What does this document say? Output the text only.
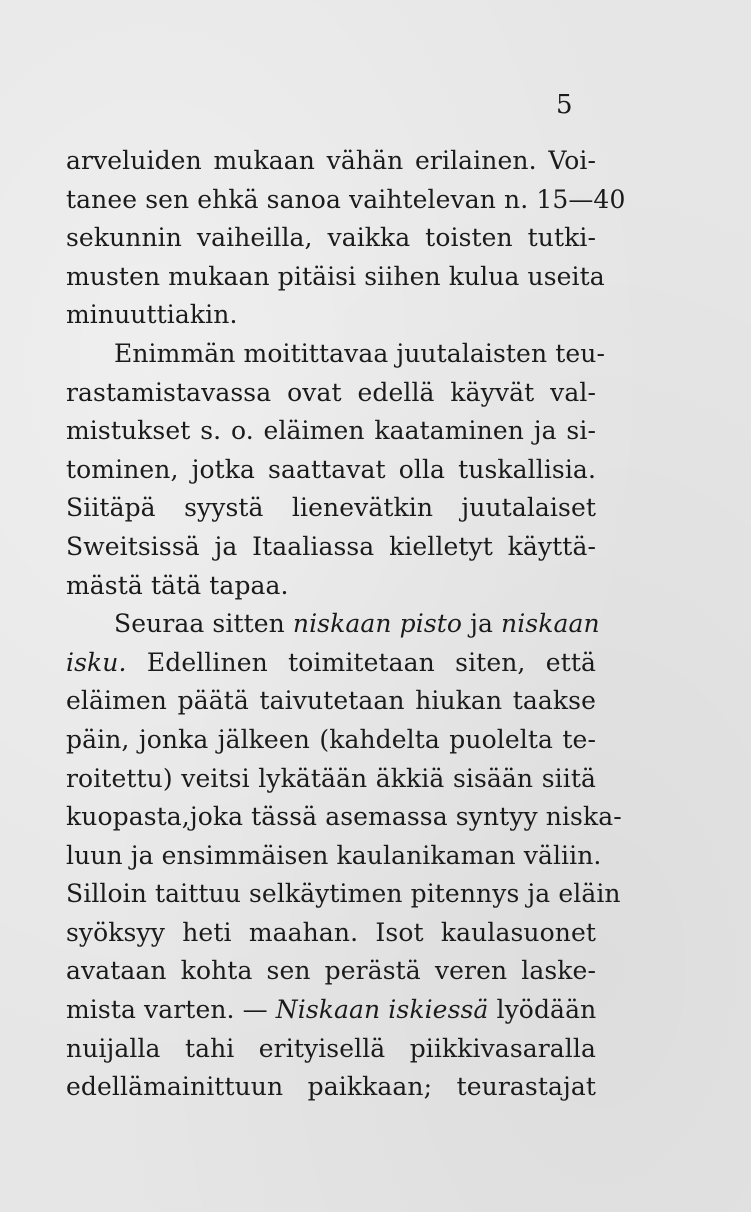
5
arveluiden mukaan vähän erilainen. Voi-
tanee sen ehkä sanoa vaihtelevan n. 15—40
sekunnin vaiheilla, vaikka toisten tutki-
musten mukaan pitäisi siihen kulua useita
minuuttiakin.
Enimmän moitittavaa juutalaisten teu-
rastamistavassa ovat edellä käyvät val-
mistukset s. o. eläimen kaataminen ja si-
tominen, jotka saattavat olla tuskallisia.
Siitäpä syystä lienevätkin juutalaiset
Sweitsissä ja Itaaliassa kielletyt käyttä-
mästä tätä tapaa.
Seuraa sitten niskaan pisto ja niskaan
isku. Edellinen toimitetaan siten, että
eläimen päätä taivutetaan hiukan taakse
päin, jonka jälkeen (kahdelta puolelta te-
roitettu) veitsi lykätään äkkiä sisään siitä
kuopasta,joka tässä asemassa syntyy niska-
luun ja ensimmäisen kaulanikaman väliin.
Silloin taittuu selkäytimen pitennys ja eläin
syöksyy heti maahan. Isot kaulasuonet
avataan kohta sen perästä veren laske-
mista varten. — Niskaan iskiessä lyödään
nuijalla tahi erityisellä piikkivasaralla
edellämainittuun paikkaan; teurastajat
